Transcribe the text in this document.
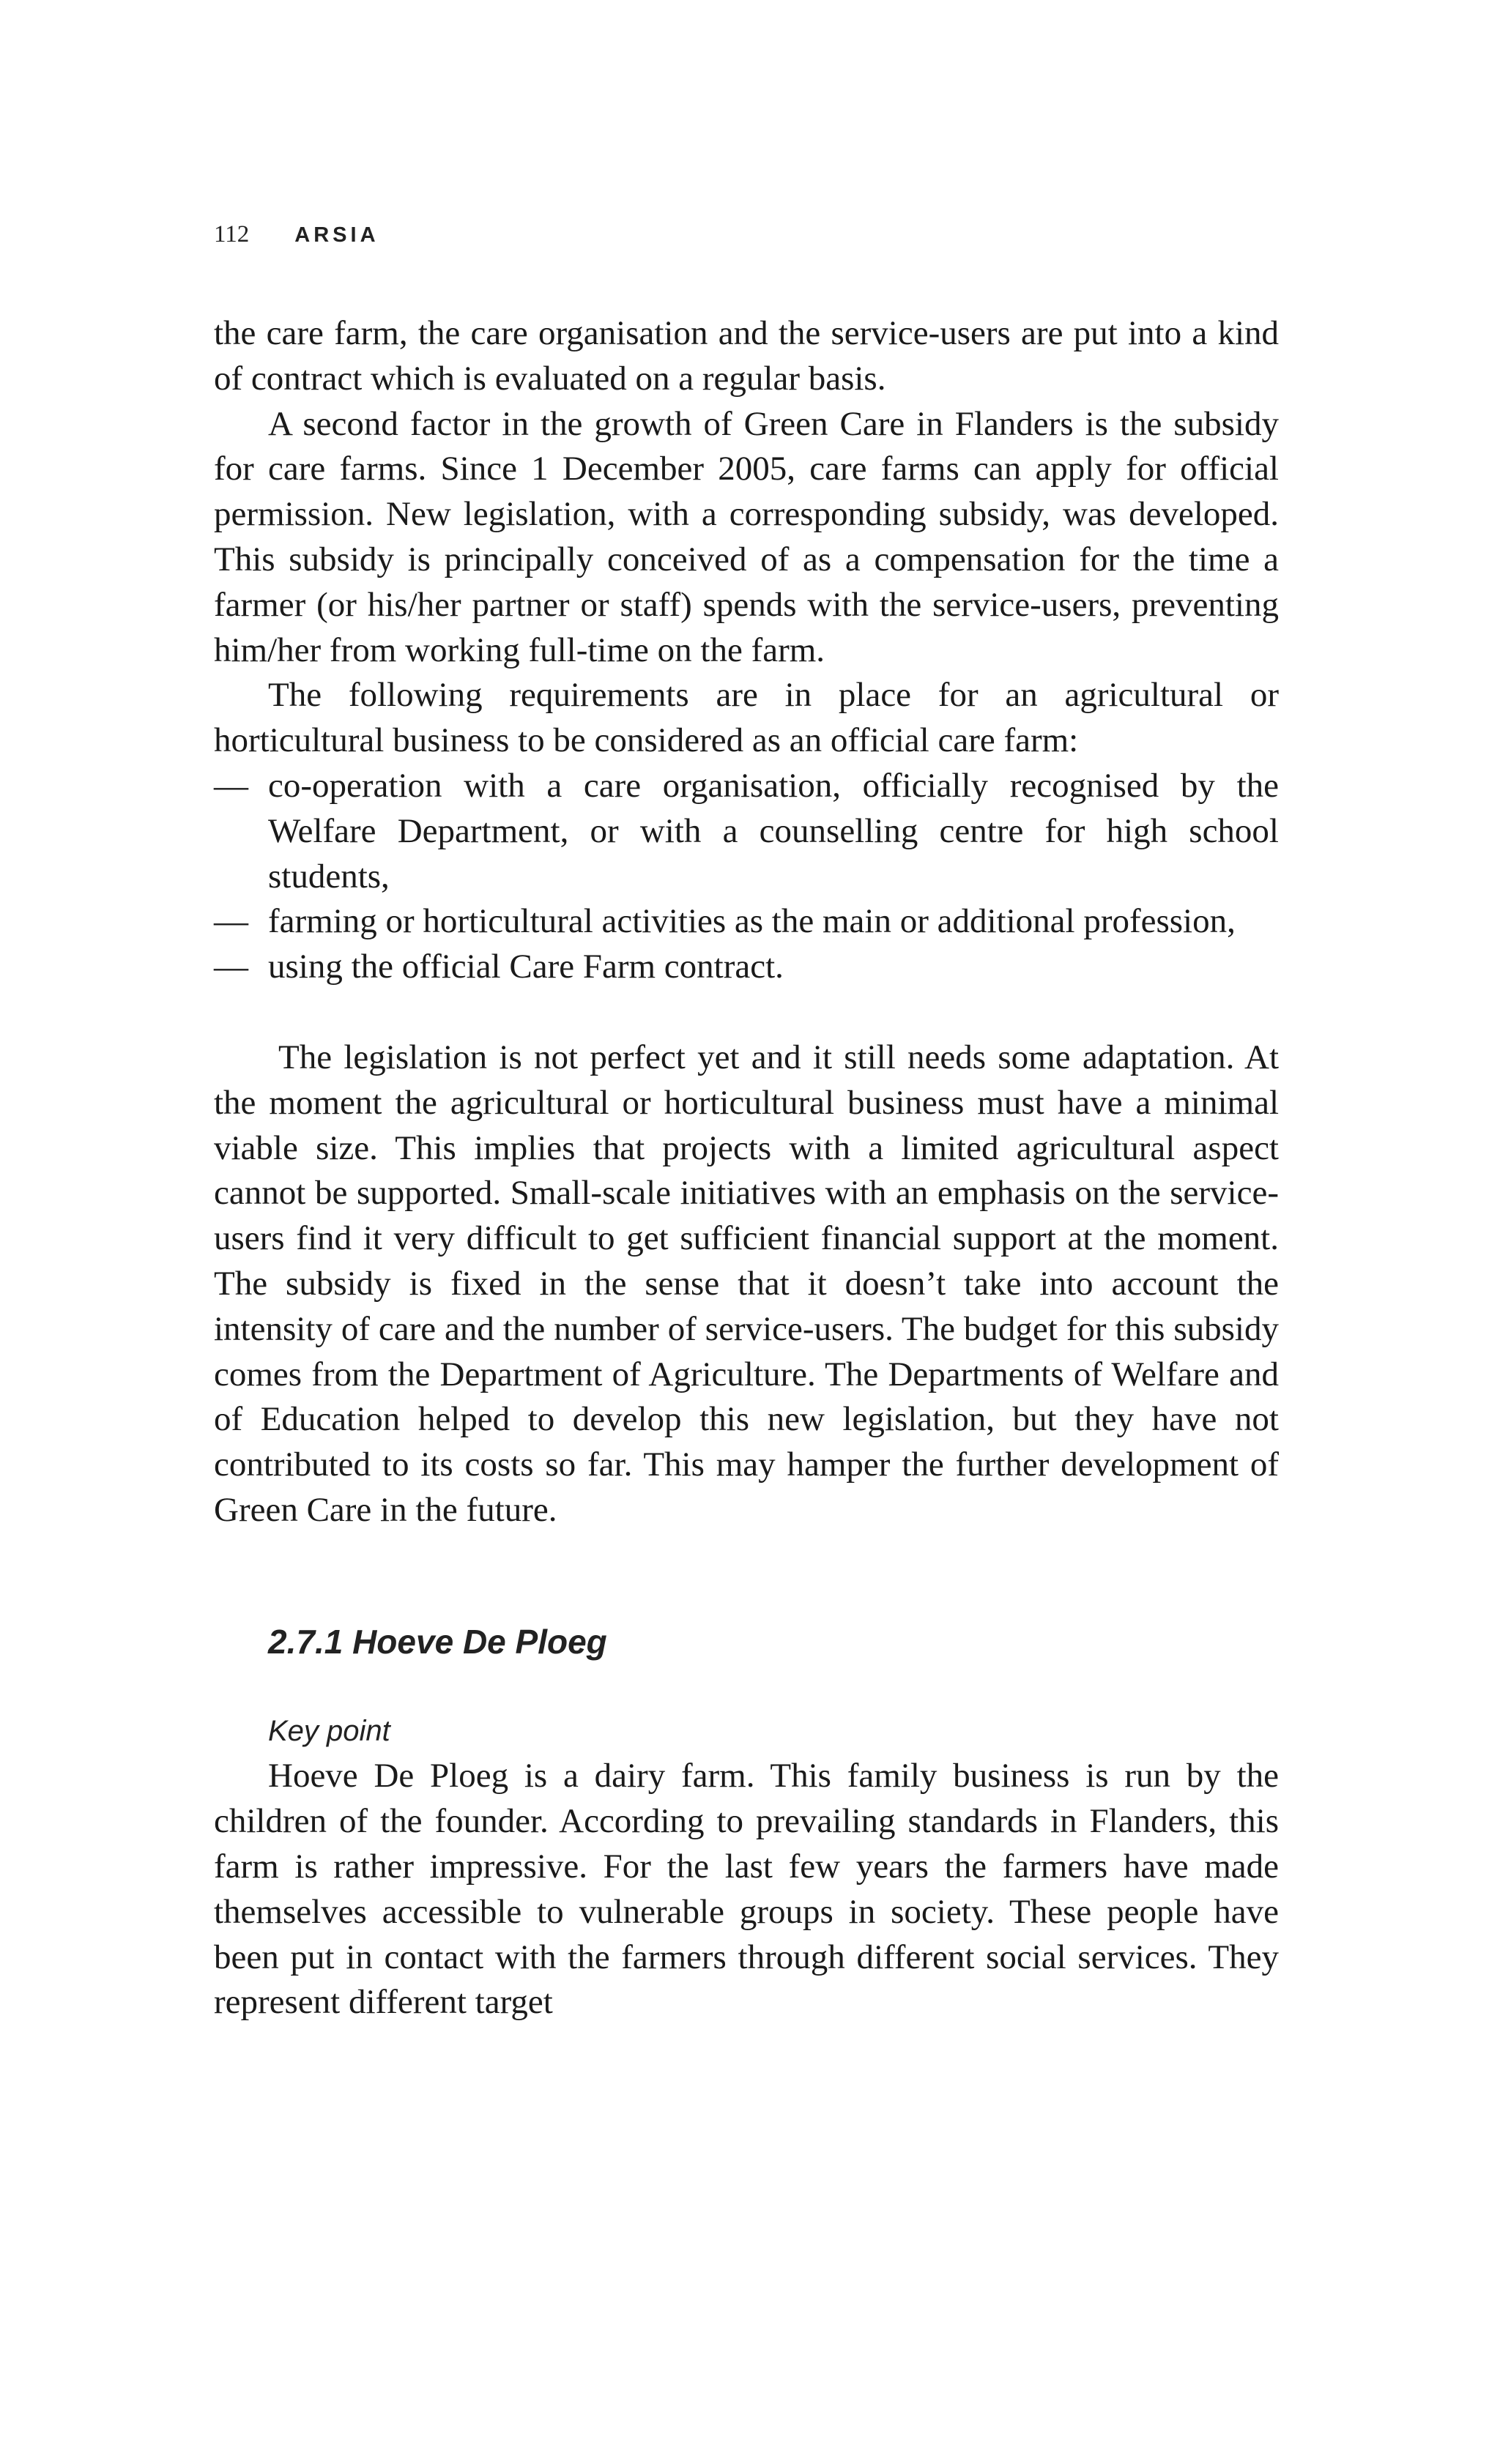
112 ARSIA

the care farm, the care organisation and the service-users are put into a kind of contract which is evaluated on a regular basis.

A second factor in the growth of Green Care in Flanders is the subsidy for care farms. Since 1 December 2005, care farms can apply for official permission. New legislation, with a corresponding subsidy, was developed. This subsidy is principally conceived of as a compensation for the time a farmer (or his/her partner or staff) spends with the service-users, preventing him/her from working full-time on the farm.

The following requirements are in place for an agricultural or horticultural business to be considered as an official care farm:

— co-operation with a care organisation, officially recognised by the Welfare Department, or with a counselling centre for high school students,
— farming or horticultural activities as the main or additional profession,
— using the official Care Farm contract.

The legislation is not perfect yet and it still needs some adaptation. At the moment the agricultural or horticultural business must have a minimal viable size. This implies that projects with a limited agricultural aspect cannot be supported. Small-scale initiatives with an emphasis on the service-users find it very difficult to get sufficient financial support at the moment. The subsidy is fixed in the sense that it doesn’t take into account the intensity of care and the number of service-users. The budget for this subsidy comes from the Department of Agriculture. The Departments of Welfare and of Education helped to develop this new legislation, but they have not contributed to its costs so far. This may hamper the further development of Green Care in the future.

2.7.1 Hoeve De Ploeg

Key point

Hoeve De Ploeg is a dairy farm. This family business is run by the children of the founder. According to prevailing standards in Flanders, this farm is rather impressive. For the last few years the farmers have made themselves accessible to vulnerable groups in society. These people have been put in contact with the farmers through different social services. They represent different target
